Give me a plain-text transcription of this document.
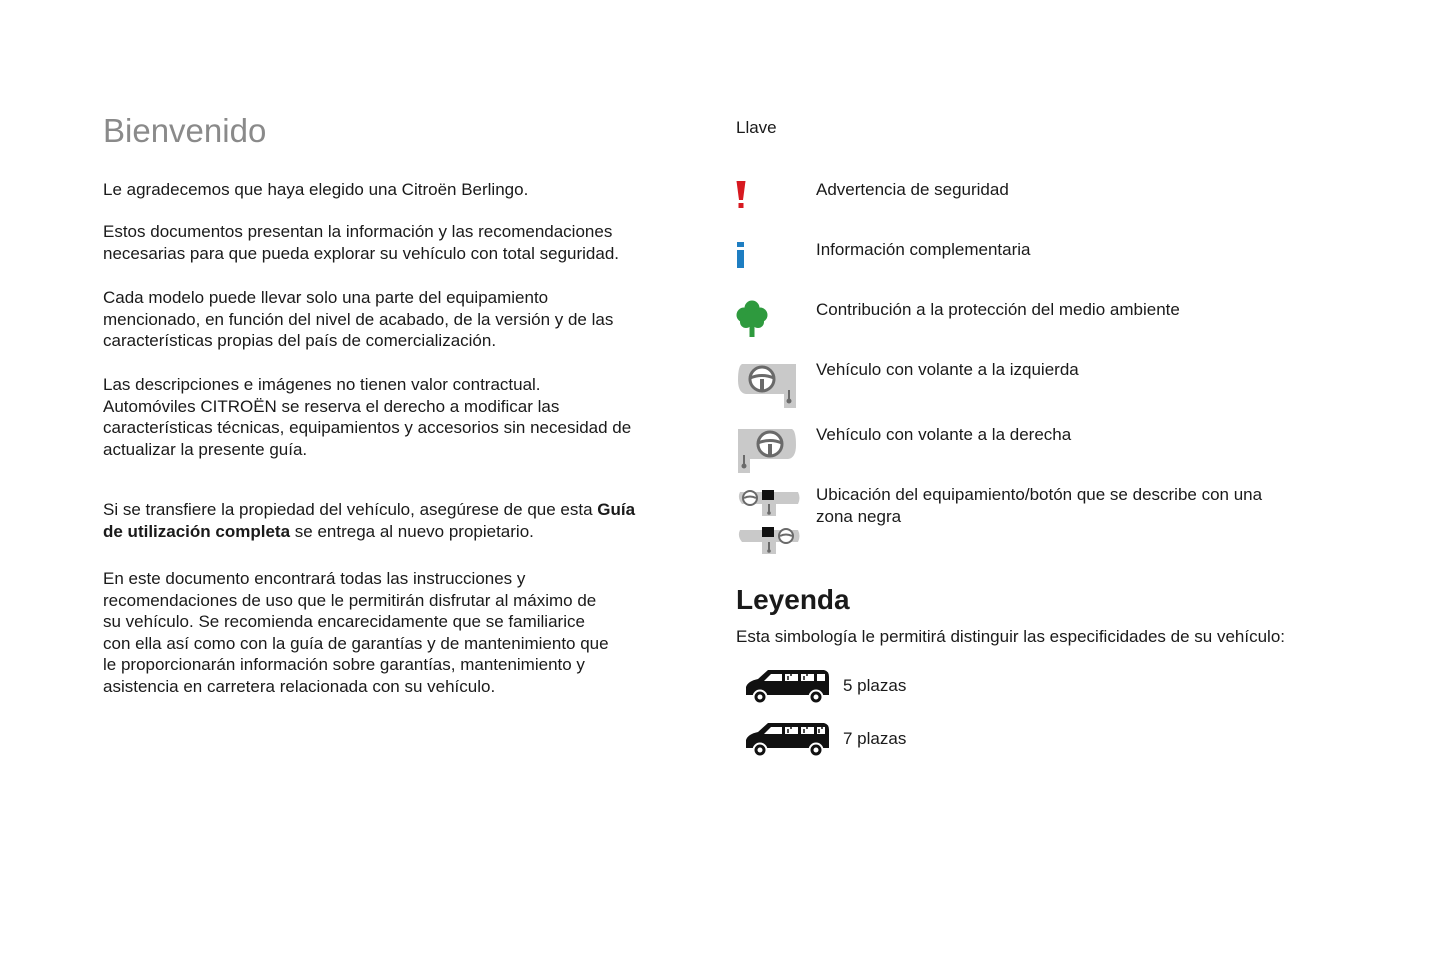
Bienvenido

Le agradecemos que haya elegido una Citroën Berlingo.

Estos documentos presentan la información y las recomendaciones
necesarias para que pueda explorar su vehículo con total seguridad.

Cada modelo puede llevar solo una parte del equipamiento
mencionado, en función del nivel de acabado, de la versión y de las
características propias del país de comercialización.

Las descripciones e imágenes no tienen valor contractual.
Automóviles CITROËN se reserva el derecho a modificar las
características técnicas, equipamientos y accesorios sin necesidad de
actualizar la presente guía.

Si se transfiere la propiedad del vehículo, asegúrese de que esta Guía
de utilización completa se entrega al nuevo propietario.

En este documento encontrará todas las instrucciones y
recomendaciones de uso que le permitirán disfrutar al máximo de
su vehículo. Se recomienda encarecidamente que se familiarice
con ella así como con la guía de garantías y de mantenimiento que
le proporcionarán información sobre garantías, mantenimiento y
asistencia en carretera relacionada con su vehículo.

Llave
Advertencia de seguridad
Información complementaria
Contribución a la protección del medio ambiente
Vehículo con volante a la izquierda
Vehículo con volante a la derecha
Ubicación del equipamiento/botón que se describe con una
zona negra
Leyenda
Esta simbología le permitirá distinguir las especificidades de su vehículo:
5 plazas
7 plazas
